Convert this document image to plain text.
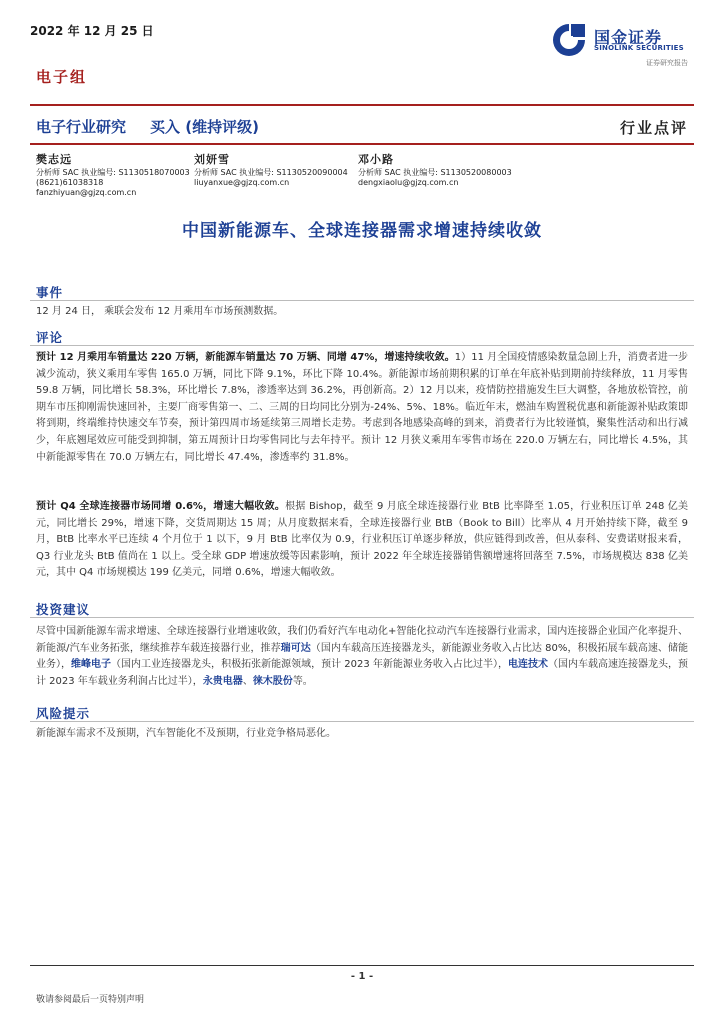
2022 年 12 月 25 日	国金证券
SINOLINK SECURITIES
证券研究报告
电子组
电子行业研究 买入 (维持评级)	行业点评
樊志远
分析师 SAC 执业编号: S1130518070003
(8621)61038318
fanzhiyuan@gjzq.com.cn
刘妍雪
分析师 SAC 执业编号: S1130520090004
liuyanxue@gjzq.com.cn
邓小路
分析师 SAC 执业编号: S1130520080003
dengxiaolu@gjzq.com.cn
中国新能源车、全球连接器需求增速持续收敛
事件
12 月 24 日， 乘联会发布 12 月乘用车市场预测数据。
评论
预计 12 月乘用车销量达 220 万辆，新能源车销量达 70 万辆、同增 47%，增速持续收敛。1）11 月全国疫情感染数量急剧上升，消费者进一步减少流动，狭义乘用车零售 165.0 万辆，同比下降 9.1%，环比下降 10.4%。新能源市场前期积累的订单在年底补贴到期前持续释放，11 月零售 59.8 万辆，同比增长 58.3%，环比增长 7.8%，渗透率达到 36.2%，再创新高。2）12 月以来，疫情防控措施发生巨大调整，各地放松管控，前期车市压抑刚需快速回补，主要厂商零售第一、二、三周的日均同比分别为-24%、5%、18%。临近年末，燃油车购置税优惠和新能源补贴政策即将到期，终端维持快速交车节奏，预计第四周市场延续第三周增长走势。考虑到各地感染高峰的到来，消费者行为比较谨慎，聚集性活动和出行减少，年底翘尾效应可能受到抑制，第五周预计日均零售同比与去年持平。预计 12 月狭义乘用车零售市场在 220.0 万辆左右，同比增长 4.5%，其中新能源零售在 70.0 万辆左右，同比增长 47.4%，渗透率约 31.8%。
预计 Q4 全球连接器市场同增 0.6%，增速大幅收敛。根据 Bishop，截至 9 月底全球连接器行业 BtB 比率降至 1.05，行业积压订单 248 亿美元，同比增长 29%，增速下降，交货周期达 15 周；从月度数据来看，全球连接器行业 BtB（Book to Bill）比率从 4 月开始持续下降，截至 9 月，BtB 比率水平已连续 4 个月位于 1 以下，9 月 BtB 比率仅为 0.9，行业积压订单逐步释放，供应链得到改善，但从泰科、安费诺财报来看，Q3 行业龙头 BtB 值尚在 1 以上。受全球 GDP 增速放缓等因素影响，预计 2022 年全球连接器销售额增速将回落至 7.5%，市场规模达 838 亿美元，其中 Q4 市场规模达 199 亿美元，同增 0.6%，增速大幅收敛。
投资建议
尽管中国新能源车需求增速、全球连接器行业增速收敛，我们仍看好汽车电动化+智能化拉动汽车连接器行业需求，国内连接器企业国产化率提升、新能源/汽车业务拓张，继续推荐车载连接器行业，推荐瑞可达（国内车载高压连接器龙头，新能源业务收入占比达 80%，积极拓展车载高速、储能业务），维峰电子（国内工业连接器龙头，积极拓张新能源领域，预计 2023 年新能源业务收入占比过半），电连技术（国内车载高速连接器龙头，预计 2023 年车载业务利润占比过半），永贵电器、徕木股份等。
风险提示
新能源车需求不及预期，汽车智能化不及预期，行业竞争格局恶化。
- 1 -
敬请参阅最后一页特别声明
